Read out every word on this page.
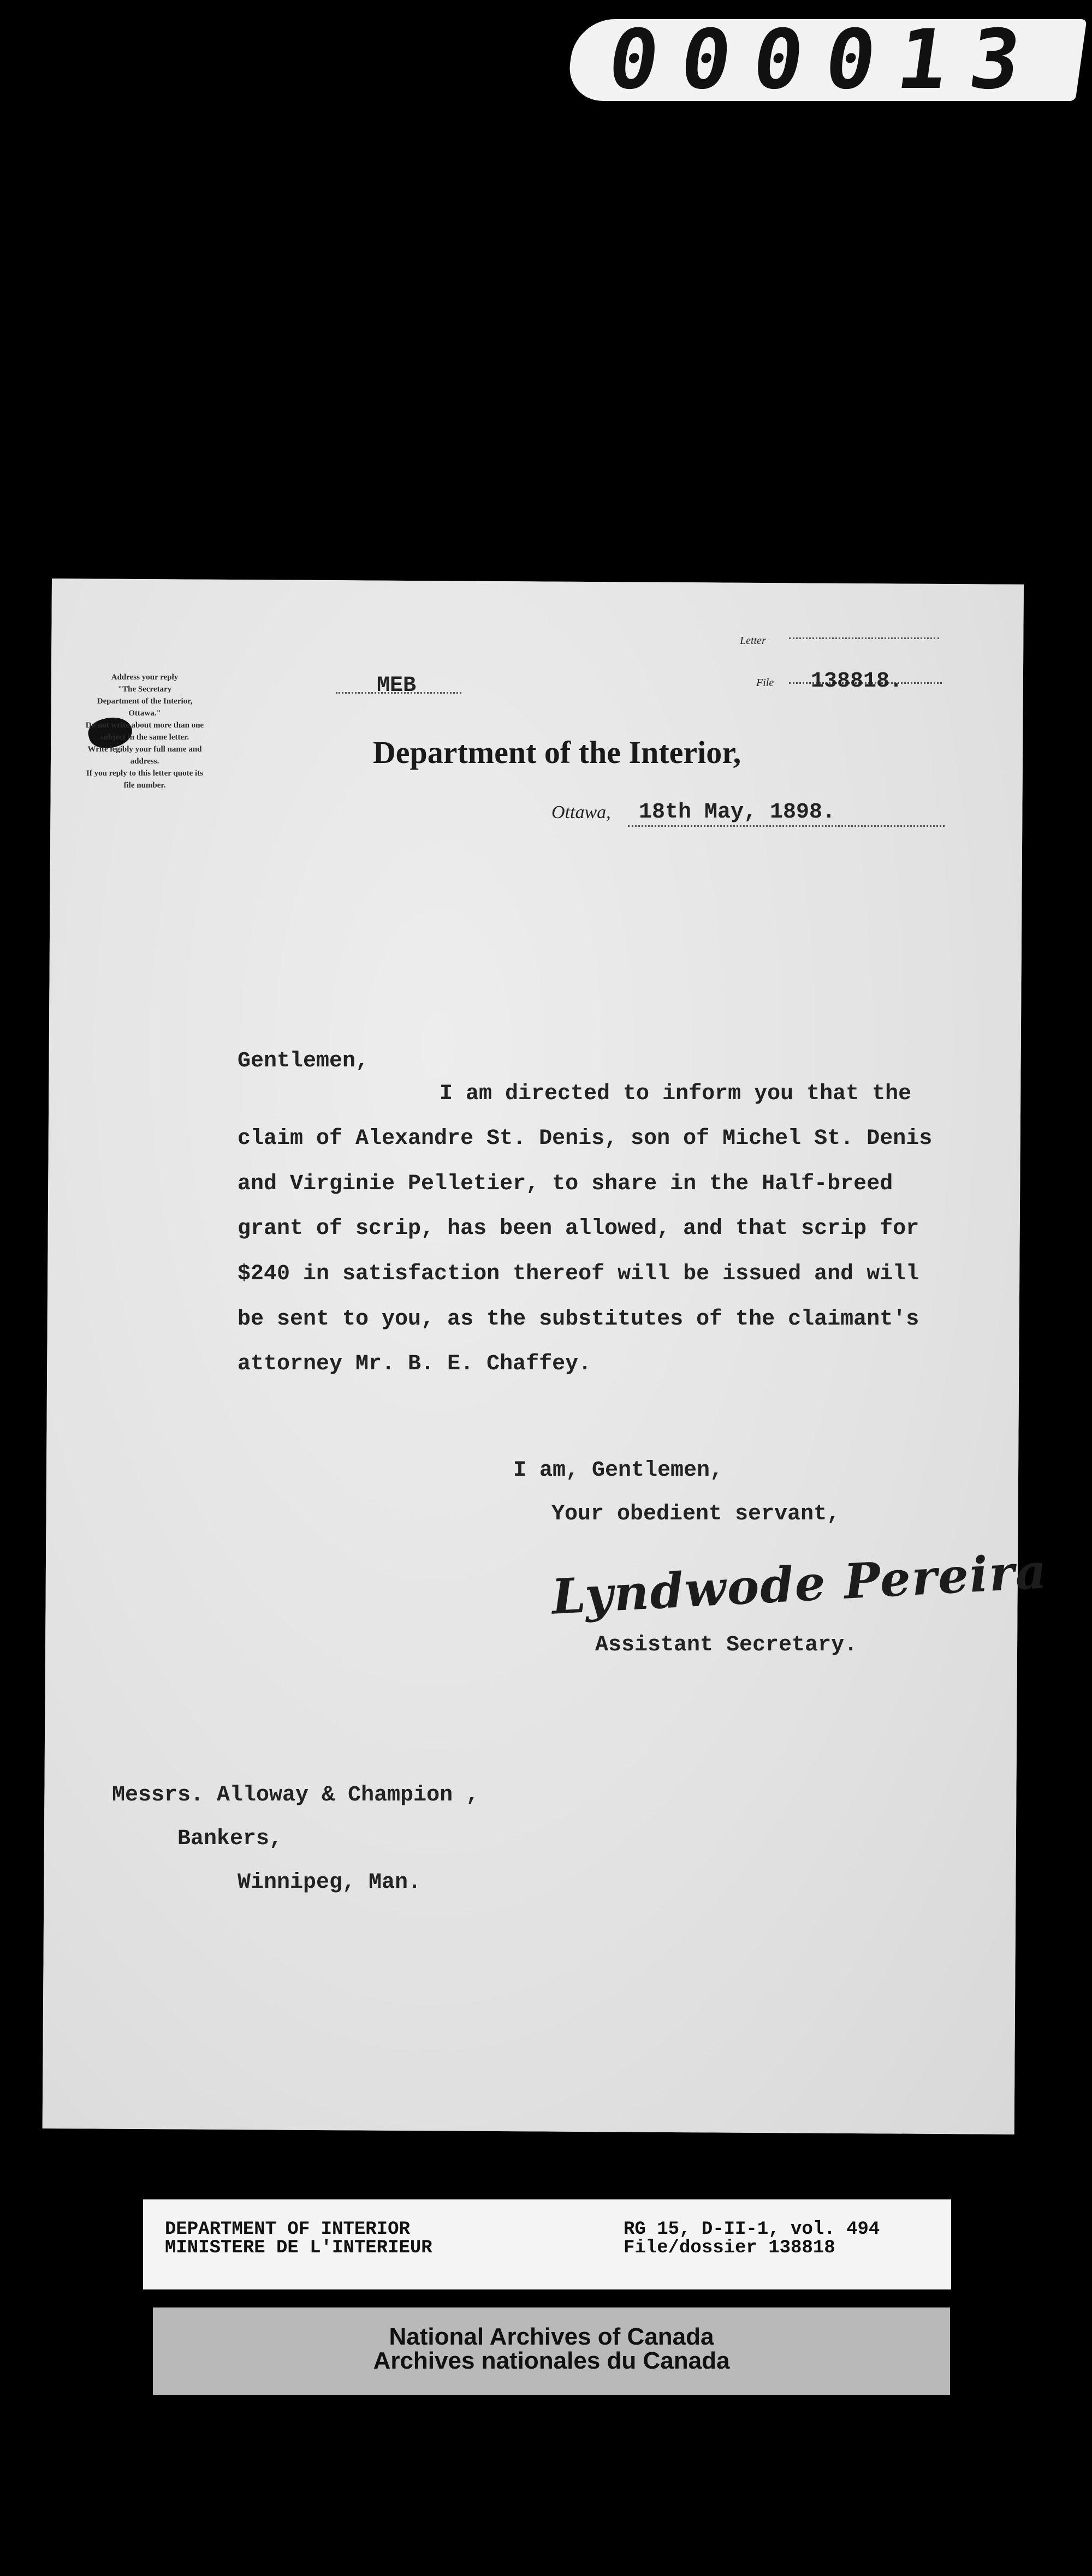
000013
Address your reply
"The Secretary
Department of the Interior,
Ottawa."
Do not write about more than one
subject in the same letter.
Write legibly your full name and
address.
If you reply to this letter quote its
file number.
Letter
File 138818.
MEB
Department of the Interior,
Ottawa, 18th May, 1898.
Gentlemen,
I am directed to inform you that the
claim of Alexandre St. Denis, son of Michel St. Denis
and Virginie Pelletier, to share in the Half-breed
grant of scrip, has been allowed, and that scrip for
$240 in satisfaction thereof will be issued and will
be sent to you, as the substitutes of the claimant's
attorney Mr. B. E. Chaffey.
I am, Gentlemen,
Your obedient servant,
Lyndwode Pereira
Assistant Secretary.
Messrs. Alloway & Champion ,
Bankers,
Winnipeg, Man.
DEPARTMENT OF INTERIOR
MINISTERE DE L'INTERIEUR
RG 15, D-II-1, vol. 494
File/dossier 138818
National Archives of Canada
Archives nationales du Canada
